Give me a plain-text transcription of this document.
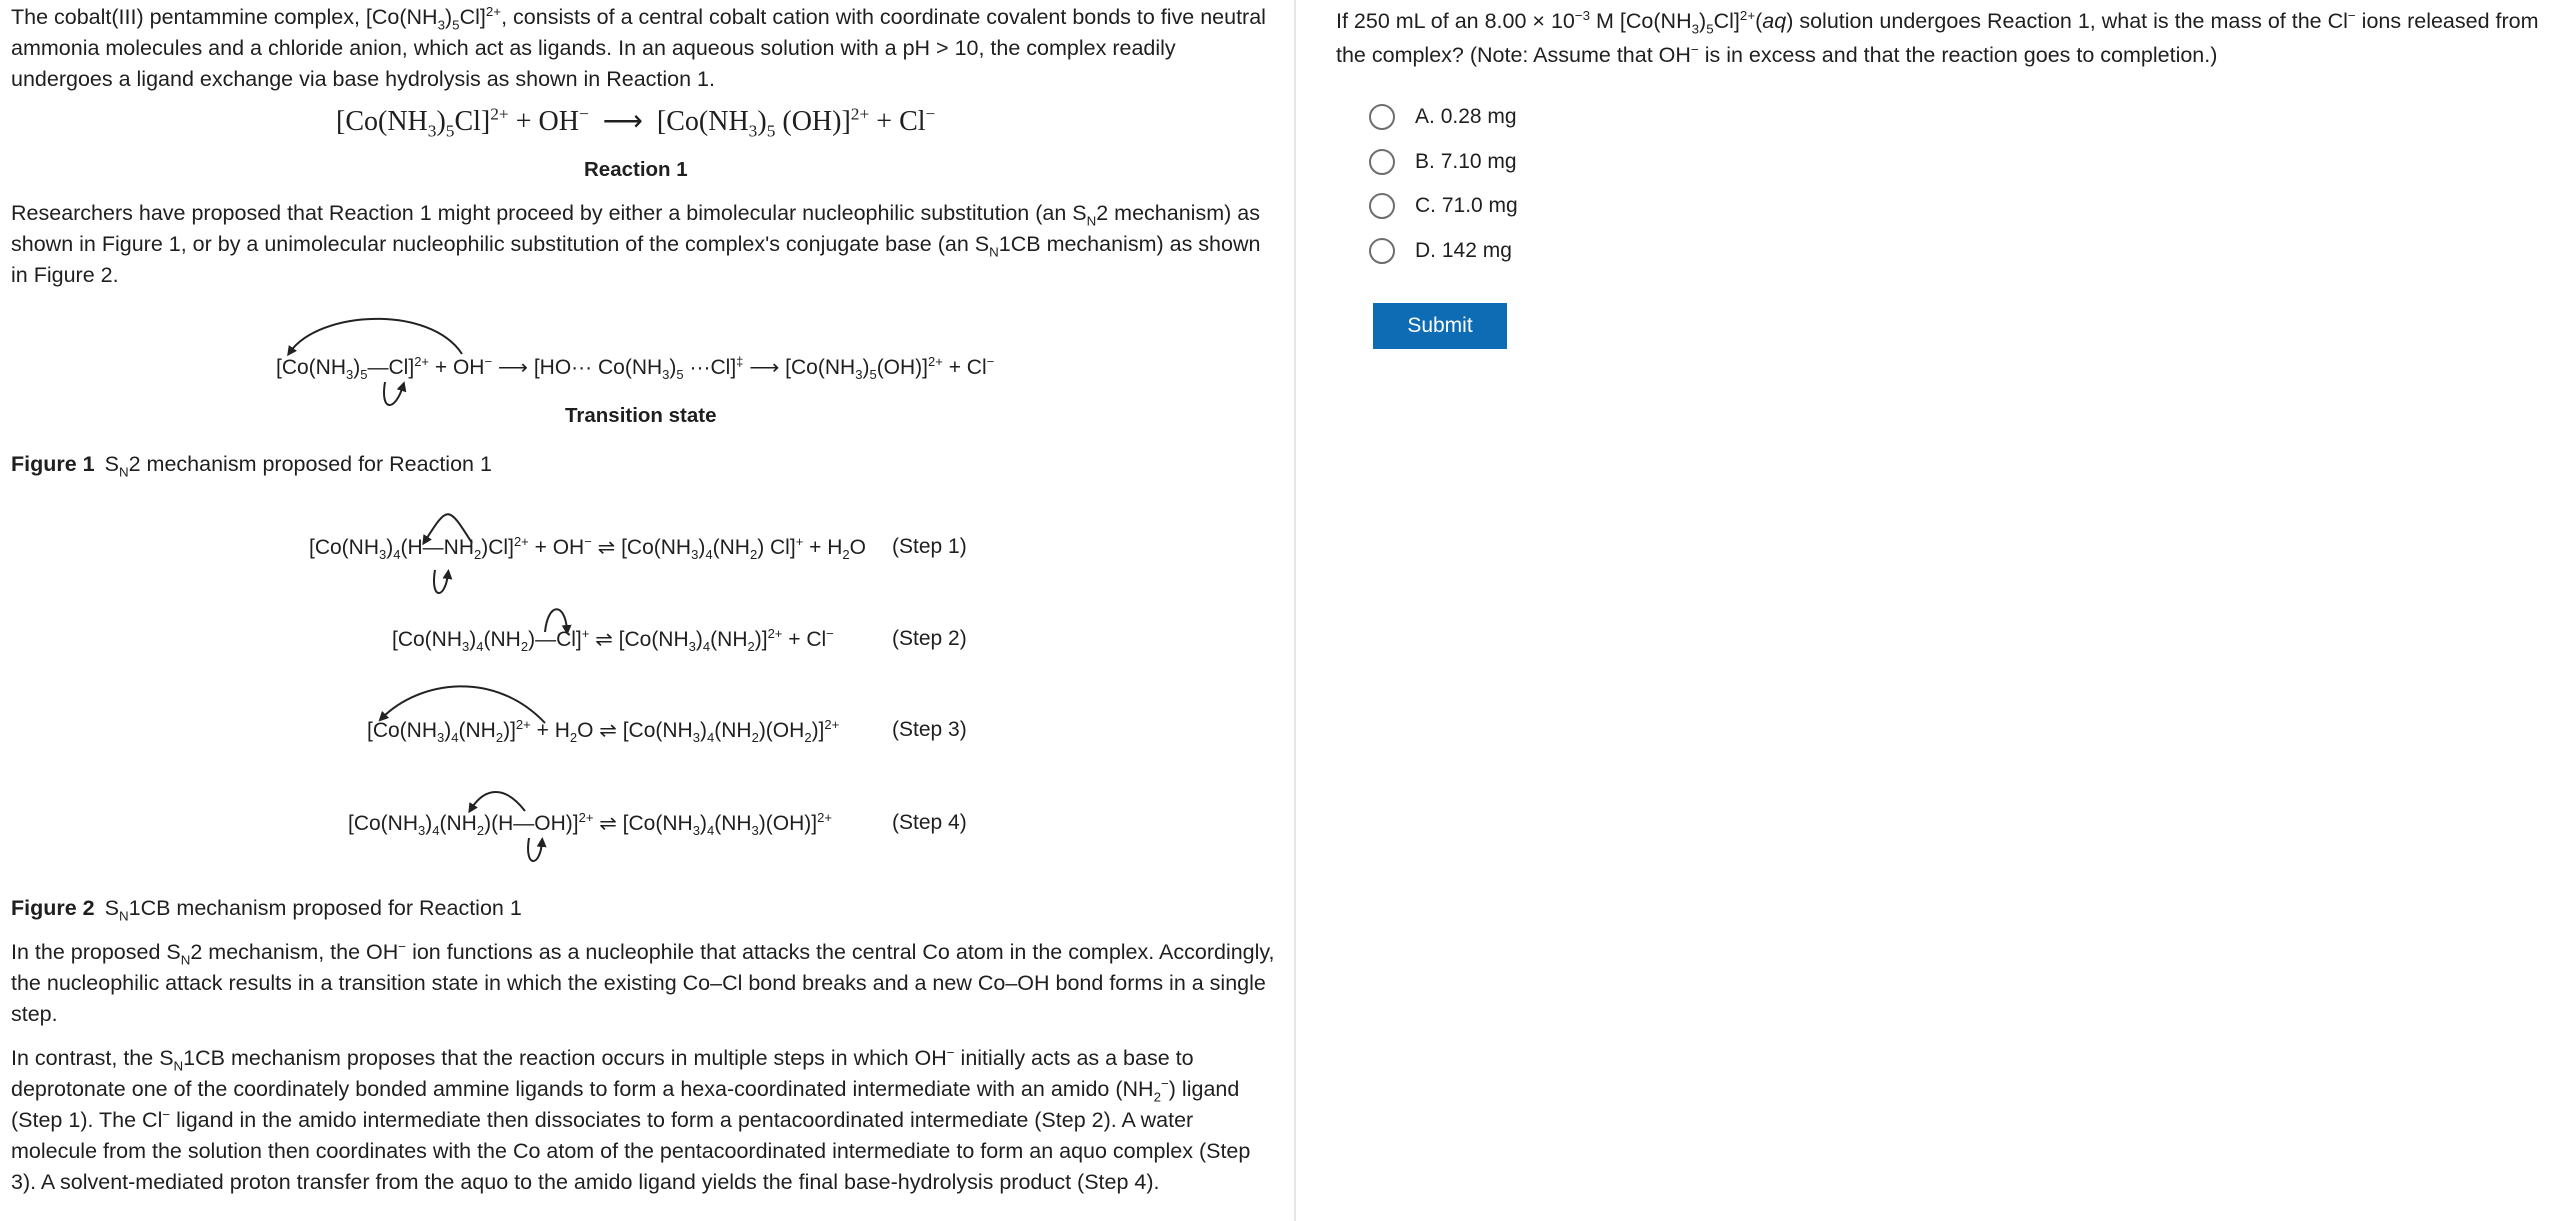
The cobalt(III) pentammine complex, $[Co(NH_3)_5Cl]^{2+}$, consists of a central cobalt cation with coordinate covalent bonds to five neutral ammonia molecules and a chloride anion, which act as ligands. In an aqueous solution with a pH > 10, the complex readily undergoes a ligand exchange via base hydrolysis as shown in Reaction 1.

$[Co(NH_3)_5Cl]^{2+} + OH^-$  ⟶  [$Co(NH_3)_5$ (OH)]$^{2+}$ + Cl−
Reaction 1

Researchers have proposed that Reaction 1 might proceed by either a bimolecular nucleophilic substitution (an $S_N2$ mechanism) as shown in Figure 1, or by a unimolecular nucleophilic substitution of the complex's conjugate base (an $S_N1CB$ mechanism) as shown in Figure 2.

$[Co(NH_3)_5—Cl]^{2+} + OH^-$ ⟶ $[HO\cdot\cdot\cdot Co(NH_3)_5 \cdot\cdot\cdot Cl]^\ddagger$ ⟶ $[Co(NH_3)_5(OH)]^{2+} + Cl^-$
Transition state
Figure 1 $S_N2$ mechanism proposed for Reaction 1
$[Co(NH_3)_4(H—NH_2)Cl]^{2+} + OH^-$ ⇌ $[Co(NH_3)_4(NH_2) Cl]^+ + H_2O$ (Step 1)
$[Co(NH_3)_4(NH_2)—Cl]^+$ ⇌ $[Co(NH_3)_4(NH_2)]^{2+} + Cl^-$	(Step 2)
$[Co(NH_3)_4(NH_2)]^{2+} + H_2O$ ⇌ $[Co(NH_3)_4(NH_2)(OH_2)]^{2+}$	(Step 3)
$[Co(NH_3)_4(NH_2)(H—OH)]^{2+}$ ⇌ $[Co(NH_3)_4(NH_3)(OH)]^{2+}$	(Step 4)
Figure 2 $S_N1CB$ mechanism proposed for Reaction 1

In the proposed $S_N2$ mechanism, the OH− ion functions as a nucleophile that attacks the central Co atom in the complex. Accordingly, the nucleophilic attack results in a transition state in which the existing Co–Cl bond breaks and a new Co–OH bond forms in a single step.

In contrast, the $S_N1CB$ mechanism proposes that the reaction occurs in multiple steps in which OH− initially acts as a base to deprotonate one of the coordinately bonded ammine ligands to form a hexa-coordinated intermediate with an amido $(NH_2^-)$ ligand (Step 1). The Cl− ligand in the amido intermediate then dissociates to form a pentacoordinated intermediate (Step 2). A water molecule from the solution then coordinates with the Co atom of the pentacoordinated intermediate to form an aquo complex (Step 3). A solvent-mediated proton transfer from the aquo to the amido ligand yields the final base-hydrolysis product (Step 4).

If 250 mL of an $8.00 \times 10^{-3}$ M $[Co(NH_3)_5Cl]^{2+}(aq)$ solution undergoes Reaction 1, what is the mass of the Cl− ions released from the complex? (Note: Assume that OH− is in excess and that the reaction goes to completion.)

A.
0.28 mg
B.
7.10 mg
C.
71.0 mg
D.
142 mg
Submit
